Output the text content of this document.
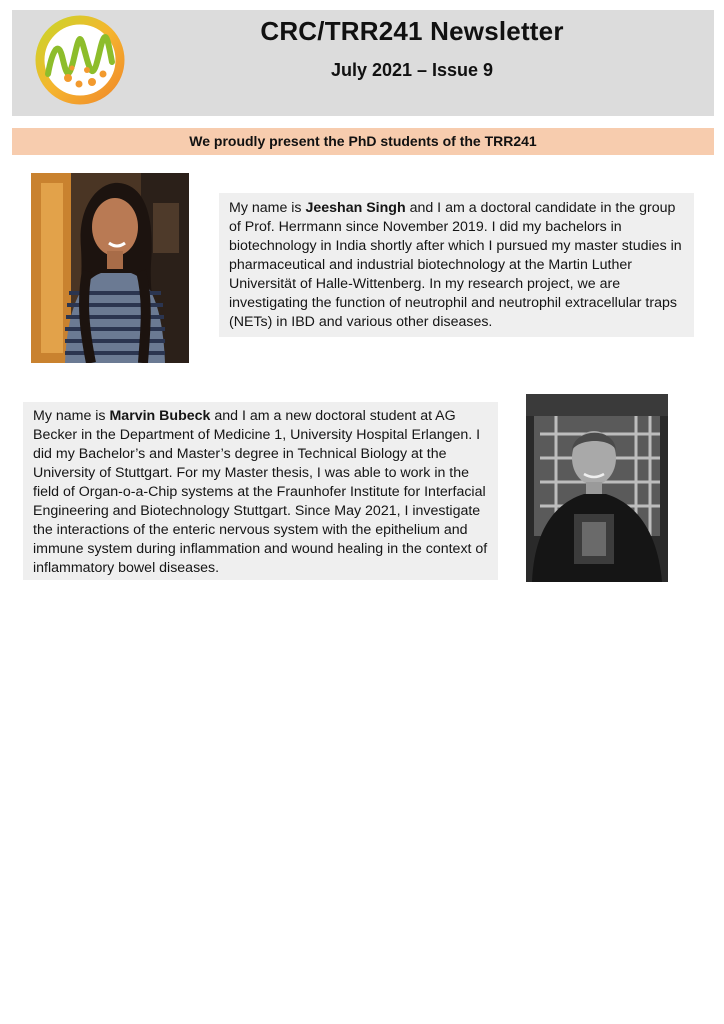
CRC/TRR241 Newsletter
July 2021 – Issue 9
We proudly present the PhD students of the TRR241
My name is Jeeshan Singh and I am a doctoral candidate in the group of Prof. Herrmann since November 2019. I did my bachelors in biotechnology in India shortly after which I pursued my master studies in pharmaceutical and industrial biotechnology at the Martin Luther Universität of Halle-Wittenberg. In my research project, we are investigating the function of neutrophil and neutrophil extracellular traps (NETs) in IBD and various other diseases.
My name is Marvin Bubeck and I am a new doctoral student at AG Becker in the Department of Medicine 1, University Hospital Erlangen. I did my Bachelor’s and Master’s degree in Technical Biology at the University of Stuttgart. For my Master thesis, I was able to work in the field of Organ-o-a-Chip systems at the Fraunhofer Institute for Interfacial Engineering and Biotechnology Stuttgart. Since May 2021, I investigate the interactions of the enteric nervous system with the epithelium and immune system during inflammation and wound healing in the context of inflammatory bowel diseases.
